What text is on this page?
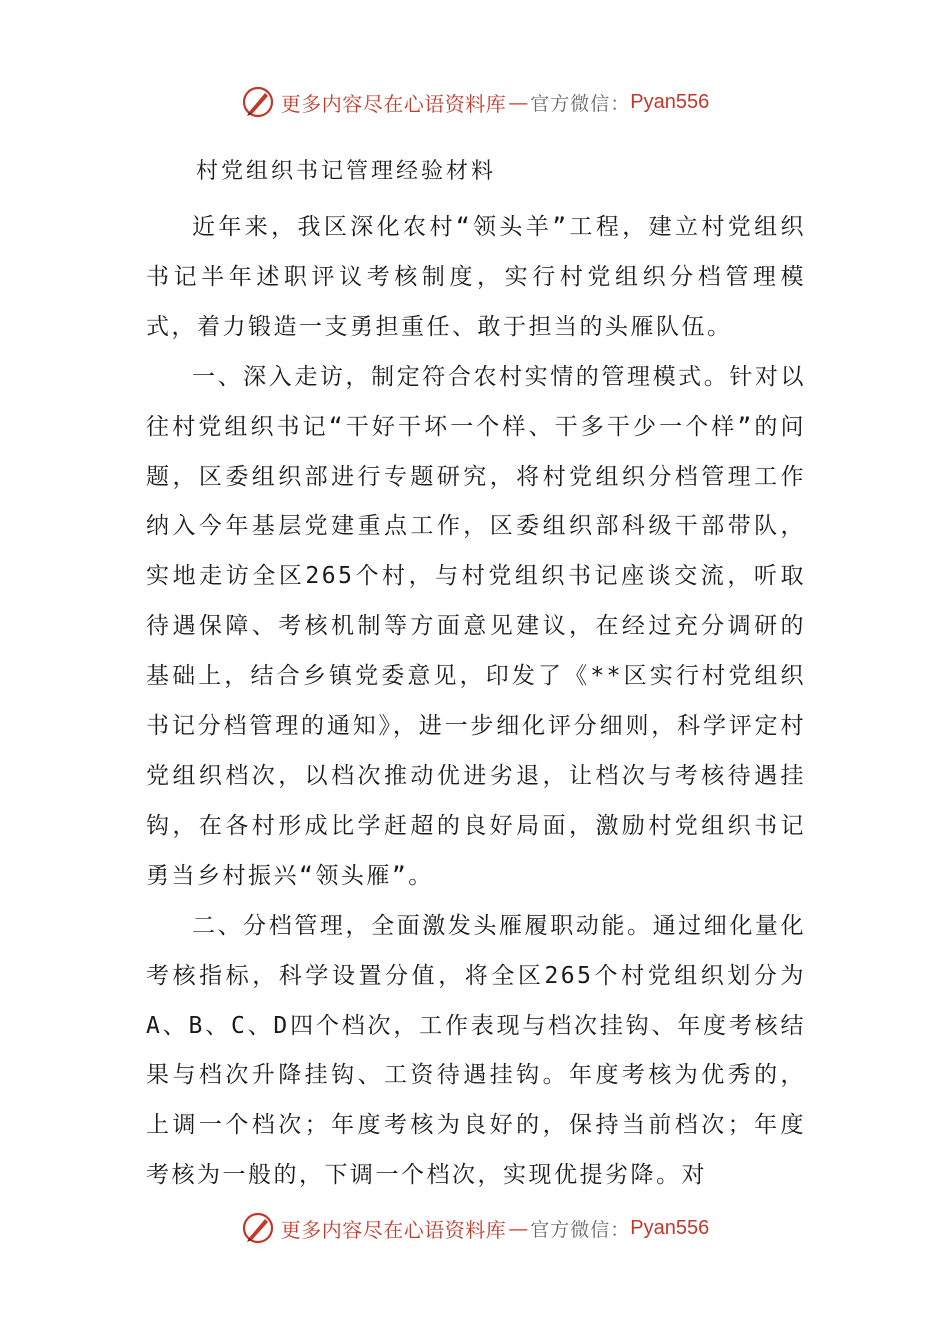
更多内容尽在心语资料库 — 官方微信： Pyan556
村党组织书记管理经验材料

近年来，我区深化农村“领头羊”工程，建立村党组织书记半年述职评议考核制度，实行村党组织分档管理模式，着力锻造一支勇担重任、敢于担当的头雁队伍。

一、深入走访，制定符合农村实情的管理模式。针对以往村党组织书记“干好干坏一个样、干多干少一个样”的问题，区委组织部进行专题研究，将村党组织分档管理工作纳入今年基层党建重点工作，区委组织部科级干部带队，实地走访全区265个村，与村党组织书记座谈交流，听取待遇保障、考核机制等方面意见建议，在经过充分调研的基础上，结合乡镇党委意见，印发了《**区实行村党组织书记分档管理的通知》，进一步细化评分细则，科学评定村党组织档次，以档次推动优进劣退，让档次与考核待遇挂钩，在各村形成比学赶超的良好局面，激励村党组织书记勇当乡村振兴“领头雁”。

二、分档管理，全面激发头雁履职动能。通过细化量化考核指标，科学设置分值，将全区265个村党组织划分为A、B、C、D四个档次，工作表现与档次挂钩、年度考核结果与档次升降挂钩、工资待遇挂钩。年度考核为优秀的，上调一个档次；年度考核为良好的，保持当前档次；年度考核为一般的，下调一个档次，实现优提劣降。对

更多内容尽在心语资料库 — 官方微信： Pyan556
